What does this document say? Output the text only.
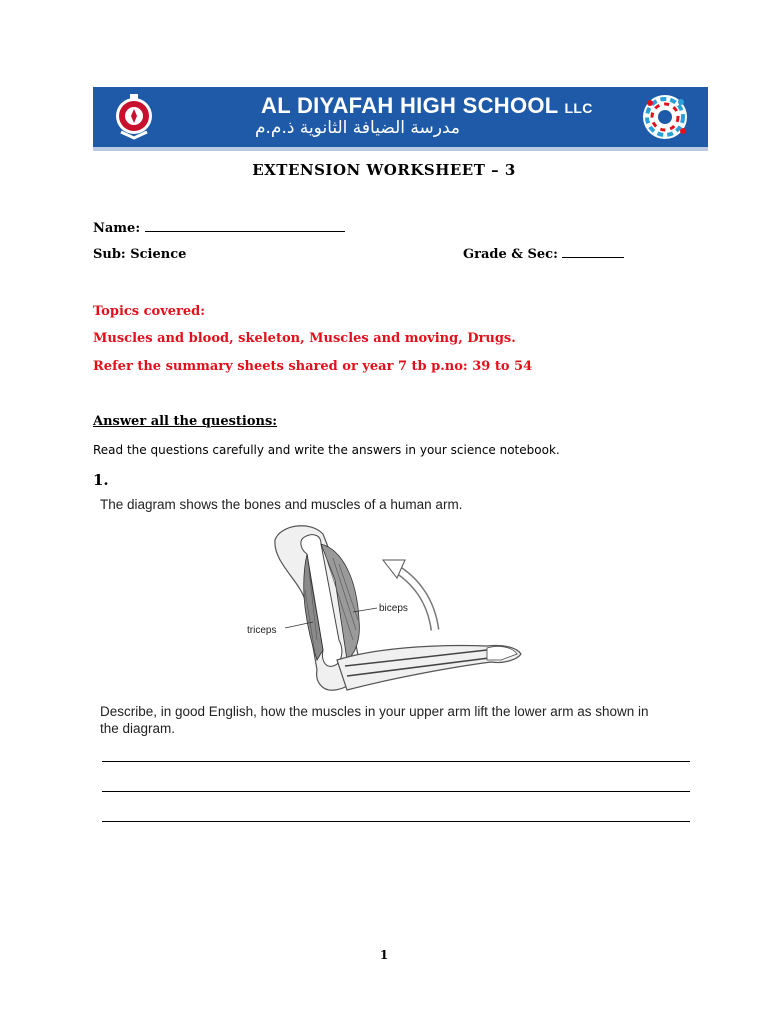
AL DIYAFAH HIGH SCHOOL LLC
مدرسة الضيافة الثانوية ذ.م.م
EXTENSION WORKSHEET – 3
Name:
Sub: Science	Grade & Sec:
Topics covered:
Muscles and blood, skeleton, Muscles and moving, Drugs.
Refer the summary sheets shared or year 7 tb p.no: 39 to 54
Answer all the questions:
Read the questions carefully and write the answers in your science notebook.
1.
The diagram shows the bones and muscles of a human arm.
biceps
triceps
Describe, in good English, how the muscles in your upper arm lift the lower arm as shown in
the diagram.
1
